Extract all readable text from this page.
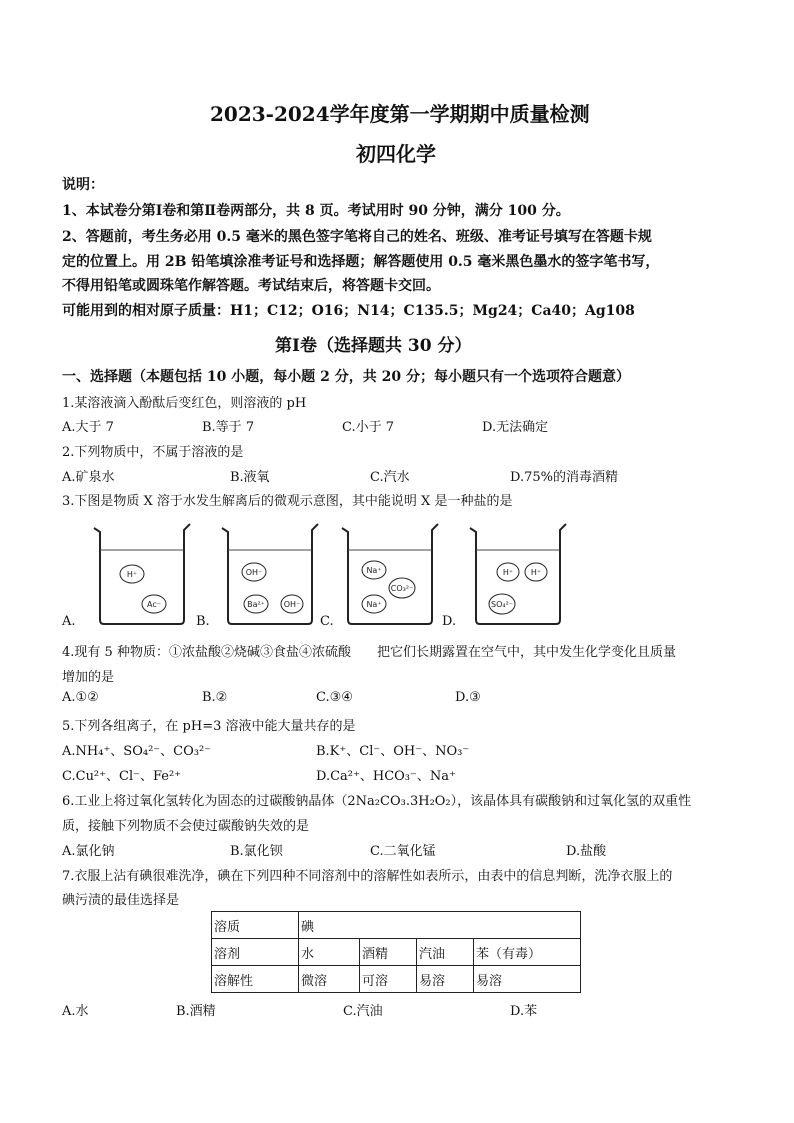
2023-2024学年度第一学期期中质量检测
初四化学
说明：
1、本试卷分第Ⅰ卷和第Ⅱ卷两部分，共 8 页。考试用时 90 分钟，满分 100 分。
2、答题前，考生务必用 0.5 毫米的黑色签字笔将自己的姓名、班级、准考证号填写在答题卡规
定的位置上。用 2B 铅笔填涂准考证号和选择题；解答题使用 0.5 毫米黑色墨水的签字笔书写，
不得用铅笔或圆珠笔作解答题。考试结束后，将答题卡交回。
可能用到的相对原子质量：H1；C12；O16；N14；C135.5；Mg24；Ca40；Ag108
第Ⅰ卷（选择题共 30 分）
一、选择题（本题包括 10 小题，每小题 2 分，共 20 分；每小题只有一个选项符合题意）
1.某溶液滴入酚酞后变红色，则溶液的 pH
A.大于 7	B.等于 7	C.小于 7	D.无法确定
2.下列物质中，不属于溶液的是
A.矿泉水	B.液氧	C.汽水	D.75%的消毒酒精
3.下图是物质 X 溶于水发生解离后的微观示意图，其中能说明 X 是一种盐的是
H⁺
Ac⁻
A.
OH⁻
Ba²⁺ OH⁻
B.
Na⁺
CO₃²⁻
Na⁺
C.
H⁺ H⁺
SO₄²⁻
D.
4.现有 5 种物质：①浓盐酸②烧碱③食盐④浓硫酸　　把它们长期露置在空气中，其中发生化学变化且质量
增加的是
A.①②	B.②	C.③④	D.③
5.下列各组离子，在 pH=3 溶液中能大量共存的是
A.NH₄⁺、SO₄²⁻、CO₃²⁻	B.K⁺、Cl⁻、OH⁻、NO₃⁻
C.Cu²⁺、Cl⁻、Fe²⁺	D.Ca²⁺、HCO₃⁻、Na⁺
6.工业上将过氧化氢转化为固态的过碳酸钠晶体（2Na₂CO₃.3H₂O₂），该晶体具有碳酸钠和过氧化氢的双重性
质，接触下列物质不会使过碳酸钠失效的是
A.氯化钠	B.氯化钡	C.二氧化锰	D.盐酸
7.衣服上沾有碘很难洗净，碘在下列四种不同溶剂中的溶解性如表所示，由表中的信息判断，洗净衣服上的
碘污渍的最佳选择是
溶质	碘			
溶剂	水	酒精	汽油	苯（有毒）
溶解性	微溶	可溶	易溶	易溶
A.水	B.酒精	C.汽油	D.苯
